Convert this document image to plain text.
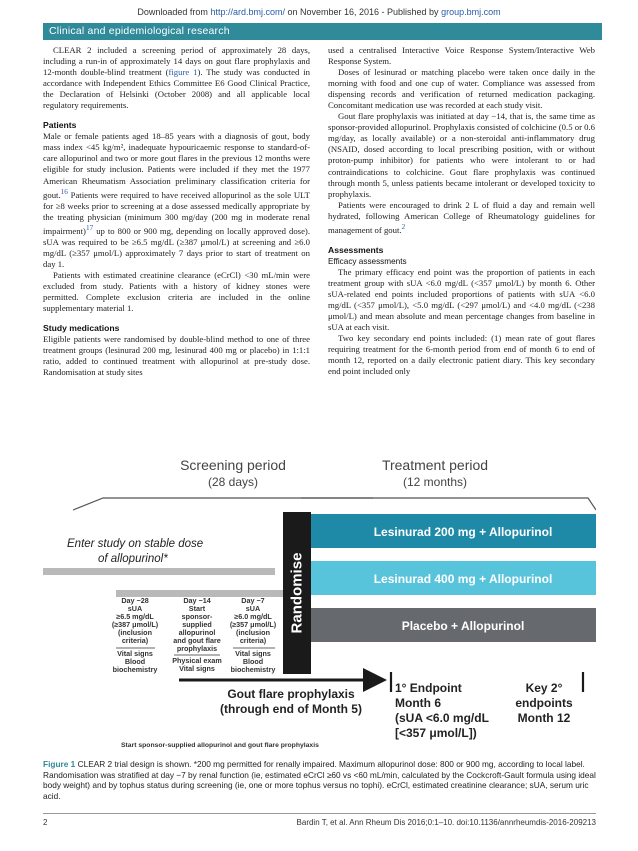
Downloaded from http://ard.bmj.com/ on November 16, 2016 - Published by group.bmj.com
Clinical and epidemiological research

CLEAR 2 included a screening period of approximately 28 days, including a run-in of approximately 14 days on gout flare prophylaxis and 12-month double-blind treatment (figure 1). The study was conducted in accordance with Independent Ethics Committee E6 Good Clinical Practice, the Declaration of Helsinki (October 2008) and all applicable local regulatory requirements.

Patients

Male or female patients aged 18–85 years with a diagnosis of gout, body mass index <45 kg/m², inadequate hypouricaemic response to standard-of-care allopurinol and two or more gout flares in the previous 12 months were eligible for study inclusion. Patients were included if they met the 1977 American Rheumatism Association preliminary classification criteria for gout.$^{16}$ Patients were required to have received allopurinol as the sole ULT for ≥8 weeks prior to screening at a dose assessed medically appropriate by the treating physician (minimum 300 mg/day (200 mg in moderate renal impairment)$^{17}$ up to 800 or 900 mg, depending on locally approved dose). sUA was required to be ≥6.5 mg/dL (≥387 μmol/L) at screening and ≥6.0 mg/dL (≥357 μmol/L) approximately 7 days prior to start of treatment on day 1.

Patients with estimated creatinine clearance (eCrCl) <30 mL/min were excluded from study. Patients with a history of kidney stones were permitted. Complete exclusion criteria are included in the online supplementary material 1.

Study medications

Eligible patients were randomised by double-blind method to one of three treatment groups (lesinurad 200 mg, lesinurad 400 mg or placebo) in 1:1:1 ratio, added to continued treatment with allopurinol at pre-study dose. Randomisation at study sites

used a centralised Interactive Voice Response System/Interactive Web Response System.

Doses of lesinurad or matching placebo were taken once daily in the morning with food and one cup of water. Compliance was assessed from dispensing records and verification of returned medication packaging. Concomitant medication use was recorded at each study visit.

Gout flare prophylaxis was initiated at day −14, that is, the same time as sponsor-provided allopurinol. Prophylaxis consisted of colchicine (0.5 or 0.6 mg/day, as locally available) or a non-steroidal anti-inflammatory drug (NSAID, dosed according to local prescribing position, with or without proton-pump inhibitor) for patients who were intolerant to or had contraindications to colchicine. Gout flare prophylaxis was continued through month 5, unless patients became intolerant or developed toxicity to prophylaxis.

Patients were encouraged to drink 2 L of fluid a day and remain well hydrated, following American College of Rheumatology guidelines for management of gout.$^2$

Assessments
Efficacy assessments

The primary efficacy end point was the proportion of patients in each treatment group with sUA <6.0 mg/dL (<357 μmol/L) by month 6. Other sUA-related end points included proportions of patients with sUA <6.0 mg/dL (<357 μmol/L), <5.0 mg/dL (<297 μmol/L) and <4.0 mg/dL (<238 μmol/L) and mean absolute and mean percentage changes from baseline in sUA at each visit.

Two key secondary end points included: (1) mean rate of gout flares requiring treatment for the 6-month period from end of month 6 to end of month 12, reported on a daily electronic patient diary. This key secondary end point included only

Screening period
(28 days)
Treatment period
(12 months)
Enter study on stable dose
of allopurinol*	Randomise
Lesinurad 200 mg + Allopurinol
Lesinurad 400 mg + Allopurinol
Placebo + Allopurinol
Day −28
sUA
≥6.5 mg/dL
(≥387 μmol/L)
(inclusion
criteria)
Vital signs
Blood
biochemistry
Day −14
Start
sponsor-
supplied
allopurinol
and gout flare
prophylaxis
Physical exam
Vital signs
Day −7
sUA
≥6.0 mg/dL
(≥357 μmol/L)
(inclusion
criteria)
Vital signs
Blood
biochemistry
Gout flare prophylaxis
(through end of Month 5)
1° Endpoint
Month 6
(sUA <6.0 mg/dL
[<357 μmol/L])
Key 2°
endpoints
Month 12
Start sponsor-supplied allopurinol and gout flare prophylaxis
Figure 1 CLEAR 2 trial design is shown. *200 mg permitted for renally impaired. Maximum allopurinol dose: 800 or 900 mg, according to local label. Randomisation was stratified at day −7 by renal function (ie, estimated eCrCl ≥60 vs <60 mL/min, calculated by the Cockcroft-Gault formula using ideal body weight) and by tophus status during screening (ie, one or more tophus versus no tophi). eCrCl, estimated creatinine clearance; sUA, serum uric acid.
2	Bardin T, et al. Ann Rheum Dis 2016;0:1–10. doi:10.1136/annrheumdis-2016-209213
